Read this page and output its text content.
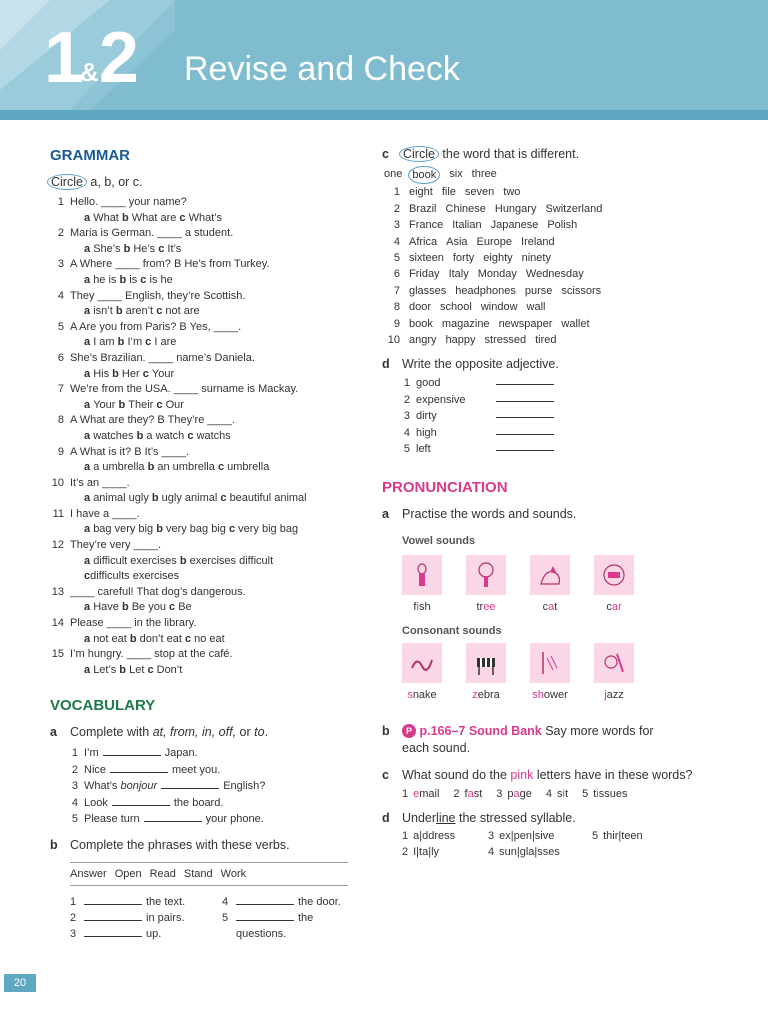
1&2 Revise and Check
GRAMMAR
Circle a, b, or c.
1 Hello. ____ your name?
a What b What are c What’s
2 Maria is German. ____ a student.
a She’s b He’s c It’s
3 A Where ____ from? B He’s from Turkey.
a he is b is c is he
4 They ____ English, they’re Scottish.
a isn’t b aren’t c not are
5 A Are you from Paris? B Yes, ____.
a I am b I’m c I are
6 She’s Brazilian. ____ name’s Daniela.
a His b Her c Your
7 We’re from the USA. ____ surname is Mackay.
a Your b Their c Our
8 A What are they? B They’re ____.
a watches b a watch c watchs
9 A What is it? B It’s ____.
a a umbrella b an umbrella c umbrella
10 It’s an ____.
a animal ugly b ugly animal c beautiful animal
11 I have a ____.
a bag very big b very bag big c very big bag
12 They’re very ____.
a difficult exercises b exercises difficult
c difficults exercises
13 ____ careful! That dog’s dangerous.
a Have b Be you c Be
14 Please ____ in the library.
a not eat b don’t eat c no eat
15 I’m hungry. ____ stop at the café.
a Let’s b Let c Don’t
VOCABULARY
a Complete with at, from, in, off, or to.
1 I’m	Japan.
2 Nice	meet you.
3 What’s bonjour	English?
4 Look	the board.
5 Please turn	your phone.
b Complete the phrases with these verbs.
Answer Open Read Stand Work
1	the text.
2	in pairs.
3	up.
4	the door.
5	the
questions.
c Circle the word that is different.
one book	six three
1 eight file seven two
2 Brazil Chinese Hungary Switzerland
3 France Italian Japanese Polish
4 Africa Asia Europe Ireland
5 sixteen forty eighty ninety
6 Friday Italy Monday Wednesday
7 glasses headphones purse scissors
8 door school window wall
9 book magazine newspaper wallet
10 angry happy stressed tired
d Write the opposite adjective.
1 good
2 expensive
3 dirty
4 high
5 left
PRONUNCIATION
a Practise the words and sounds.
Vowel sounds
fish	tree	cat	car
Consonant sounds
snake	zebra	shower	jazz
b P p.166–7 Sound Bank Say more words for
each sound.
c What sound do the pink letters have in these words?
1 email 2 fast 3 page 4 sit 5 tissues
d Underline the stressed syllable.
1 a|ddress	3 ex|pen|sive	5 thir|teen
2 I|ta|ly	4 sun|gla|sses
20
